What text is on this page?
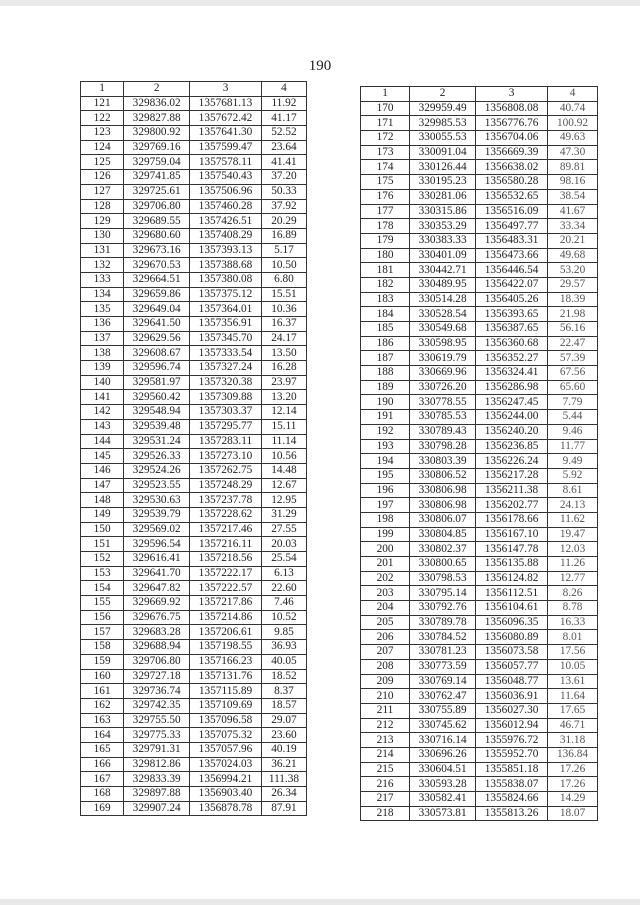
190
1	2	3	4
121	329836.02	1357681.13	11.92
122	329827.88	1357672.42	41.17
123	329800.92	1357641.30	52.52
124	329769.16	1357599.47	23.64
125	329759.04	1357578.11	41.41
126	329741.85	1357540.43	37.20
127	329725.61	1357506.96	50.33
128	329706.80	1357460.28	37.92
129	329689.55	1357426.51	20.29
130	329680.60	1357408.29	16.89
131	329673.16	1357393.13	5.17
132	329670.53	1357388.68	10.50
133	329664.51	1357380.08	6.80
134	329659.86	1357375.12	15.51
135	329649.04	1357364.01	10.36
136	329641.50	1357356.91	16.37
137	329629.56	1357345.70	24.17
138	329608.67	1357333.54	13.50
139	329596.74	1357327.24	16.28
140	329581.97	1357320.38	23.97
141	329560.42	1357309.88	13.20
142	329548.94	1357303.37	12.14
143	329539.48	1357295.77	15.11
144	329531.24	1357283.11	11.14
145	329526.33	1357273.10	10.56
146	329524.26	1357262.75	14.48
147	329523.55	1357248.29	12.67
148	329530.63	1357237.78	12.95
149	329539.79	1357228.62	31.29
150	329569.02	1357217.46	27.55
151	329596.54	1357216.11	20.03
152	329616.41	1357218.56	25.54
153	329641.70	1357222.17	6.13
154	329647.82	1357222.57	22.60
155	329669.92	1357217.86	7.46
156	329676.75	1357214.86	10.52
157	329683.28	1357206.61	9.85
158	329688.94	1357198.55	36.93
159	329706.80	1357166.23	40.05
160	329727.18	1357131.76	18.52
161	329736.74	1357115.89	8.37
162	329742.35	1357109.69	18.57
163	329755.50	1357096.58	29.07
164	329775.33	1357075.32	23.60
165	329791.31	1357057.96	40.19
166	329812.86	1357024.03	36.21
167	329833.39	1356994.21	111.38
168	329897.88	1356903.40	26.34
169	329907.24	1356878.78	87.91
1	2	3	4
170	329959.49	1356808.08	40.74
171	329985.53	1356776.76	100.92
172	330055.53	1356704.06	49.63
173	330091.04	1356669.39	47.30
174	330126.44	1356638.02	89.81
175	330195.23	1356580.28	98.16
176	330281.06	1356532.65	38.54
177	330315.86	1356516.09	41.67
178	330353.29	1356497.77	33.34
179	330383.33	1356483.31	20.21
180	330401.09	1356473.66	49.68
181	330442.71	1356446.54	53.20
182	330489.95	1356422.07	29.57
183	330514.28	1356405.26	18.39
184	330528.54	1356393.65	21.98
185	330549.68	1356387.65	56.16
186	330598.95	1356360.68	22.47
187	330619.79	1356352.27	57.39
188	330669.96	1356324.41	67.56
189	330726.20	1356286.98	65.60
190	330778.55	1356247.45	7.79
191	330785.53	1356244.00	5.44
192	330789.43	1356240.20	9.46
193	330798.28	1356236.85	11.77
194	330803.39	1356226.24	9.49
195	330806.52	1356217.28	5.92
196	330806.98	1356211.38	8.61
197	330806.98	1356202.77	24.13
198	330806.07	1356178.66	11.62
199	330804.85	1356167.10	19.47
200	330802.37	1356147.78	12.03
201	330800.65	1356135.88	11.26
202	330798.53	1356124.82	12.77
203	330795.14	1356112.51	8.26
204	330792.76	1356104.61	8.78
205	330789.78	1356096.35	16.33
206	330784.52	1356080.89	8.01
207	330781.23	1356073.58	17.56
208	330773.59	1356057.77	10.05
209	330769.14	1356048.77	13.61
210	330762.47	1356036.91	11.64
211	330755.89	1356027.30	17.65
212	330745.62	1356012.94	46.71
213	330716.14	1355976.72	31.18
214	330696.26	1355952.70	136.84
215	330604.51	1355851.18	17.26
216	330593.28	1355838.07	17.26
217	330582.41	1355824.66	14.29
218	330573.81	1355813.26	18.07
